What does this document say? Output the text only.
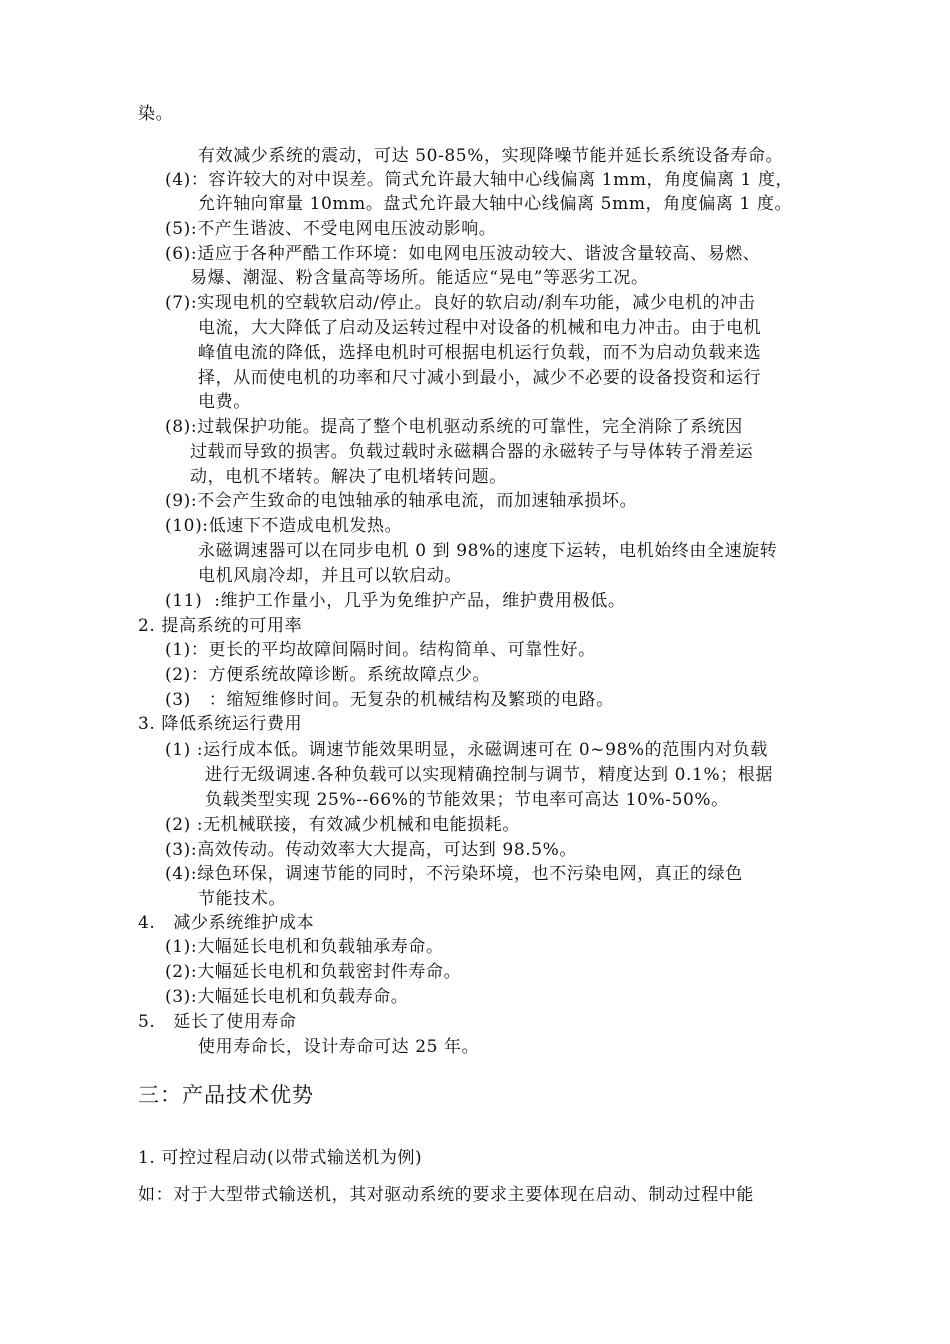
染。
有效减少系统的震动，可达 50-85%，实现降噪节能并延长系统设备寿命。
(4)：容许较大的对中误差。筒式允许最大轴中心线偏离 1mm，角度偏离 1 度，
允许轴向窜量 10mm。盘式允许最大轴中心线偏离 5mm，角度偏离 1 度。
(5):不产生谐波、不受电网电压波动影响。
(6):适应于各种严酷工作环境：如电网电压波动较大、谐波含量较高、易燃、
易爆、潮湿、粉含量高等场所。能适应“晃电”等恶劣工况。
(7):实现电机的空载软启动/停止。良好的软启动/刹车功能，减少电机的冲击
电流，大大降低了启动及运转过程中对设备的机械和电力冲击。由于电机
峰值电流的降低，选择电机时可根据电机运行负载，而不为启动负载来选
择，从而使电机的功率和尺寸减小到最小，减少不必要的设备投资和运行
电费。
(8):过载保护功能。提高了整个电机驱动系统的可靠性，完全消除了系统因
过载而导致的损害。负载过载时永磁耦合器的永磁转子与导体转子滑差运
动，电机不堵转。解决了电机堵转问题。
(9):不会产生致命的电蚀轴承的轴承电流，而加速轴承损坏。
(10):低速下不造成电机发热。
永磁调速器可以在同步电机 0 到 98%的速度下运转，电机始终由全速旋转
电机风扇冷却，并且可以软启动。
(11)  :维护工作量小，几乎为免维护产品，维护费用极低。
2. 提高系统的可用率
(1)：更长的平均故障间隔时间。结构简单、可靠性好。
(2)：方便系统故障诊断。系统故障点少。
(3)   ：缩短维修时间。无复杂的机械结构及繁琐的电路。
3. 降低系统运行费用
(1) :运行成本低。调速节能效果明显，永磁调速可在 0~98%的范围内对负载
进行无级调速.各种负载可以实现精确控制与调节，精度达到 0.1%；根据
负载类型实现 25%--66%的节能效果；节电率可高达 10%-50%。
(2) :无机械联接，有效减少机械和电能损耗。
(3):高效传动。传动效率大大提高，可达到 98.5%。
(4):绿色环保，调速节能的同时，不污染环境，也不污染电网，真正的绿色
节能技术。
4.   减少系统维护成本
(1):大幅延长电机和负载轴承寿命。
(2):大幅延长电机和负载密封件寿命。
(3):大幅延长电机和负载寿命。
5.   延长了使用寿命
使用寿命长，设计寿命可达 25 年。
三：产品技术优势
1. 可控过程启动(以带式输送机为例)
如：对于大型带式输送机，其对驱动系统的要求主要体现在启动、制动过程中能
